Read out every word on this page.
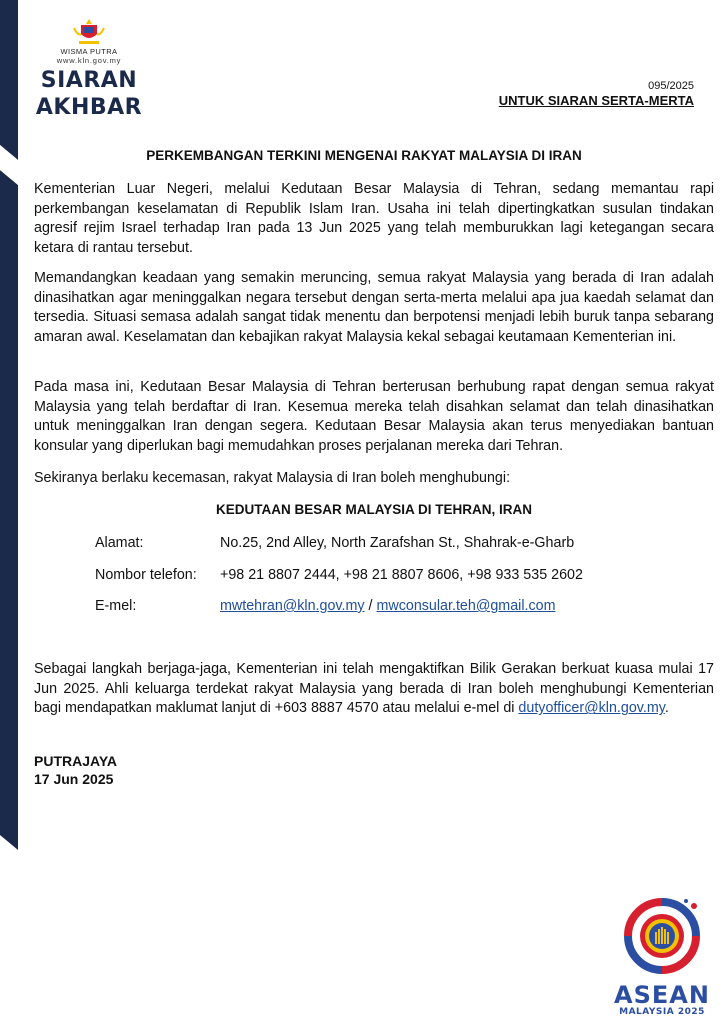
WISMA PUTRA
www.kln.gov.my
SIARAN
AKHBAR
095/2025
UNTUK SIARAN SERTA-MERTA
PERKEMBANGAN TERKINI MENGENAI RAKYAT MALAYSIA DI IRAN

Kementerian Luar Negeri, melalui Kedutaan Besar Malaysia di Tehran, sedang memantau rapi perkembangan keselamatan di Republik Islam Iran. Usaha ini telah dipertingkatkan susulan tindakan agresif rejim Israel terhadap Iran pada 13 Jun 2025 yang telah memburukkan lagi ketegangan secara ketara di rantau tersebut.

Memandangkan keadaan yang semakin meruncing, semua rakyat Malaysia yang berada di Iran adalah dinasihatkan agar meninggalkan negara tersebut dengan serta-merta melalui apa jua kaedah selamat dan tersedia. Situasi semasa adalah sangat tidak menentu dan berpotensi menjadi lebih buruk tanpa sebarang amaran awal. Keselamatan dan kebajikan rakyat Malaysia kekal sebagai keutamaan Kementerian ini.

Pada masa ini, Kedutaan Besar Malaysia di Tehran berterusan berhubung rapat dengan semua rakyat Malaysia yang telah berdaftar di Iran. Kesemua mereka telah disahkan selamat dan telah dinasihatkan untuk meninggalkan Iran dengan segera. Kedutaan Besar Malaysia akan terus menyediakan bantuan konsular yang diperlukan bagi memudahkan proses perjalanan mereka dari Tehran.

Sekiranya berlaku kecemasan, rakyat Malaysia di Iran boleh menghubungi:

KEDUTAAN BESAR MALAYSIA DI TEHRAN, IRAN
Alamat:	No.25, 2nd Alley, North Zarafshan St., Shahrak-e-Gharb
Nombor telefon: +98 21 8807 2444, +98 21 8807 8606, +98 933 535 2602
E-mel:	mwtehran@kln.gov.my / mwconsular.teh@gmail.com

Sebagai langkah berjaga-jaga, Kementerian ini telah mengaktifkan Bilik Gerakan berkuat kuasa mulai 17 Jun 2025. Ahli keluarga terdekat rakyat Malaysia yang berada di Iran boleh menghubungi Kementerian bagi mendapatkan maklumat lanjut di +603 8887 4570 atau melalui e-mel di dutyofficer@kln.gov.my.

PUTRAJAYA
17 Jun 2025
ASEAN
MALAYSIA 2025
